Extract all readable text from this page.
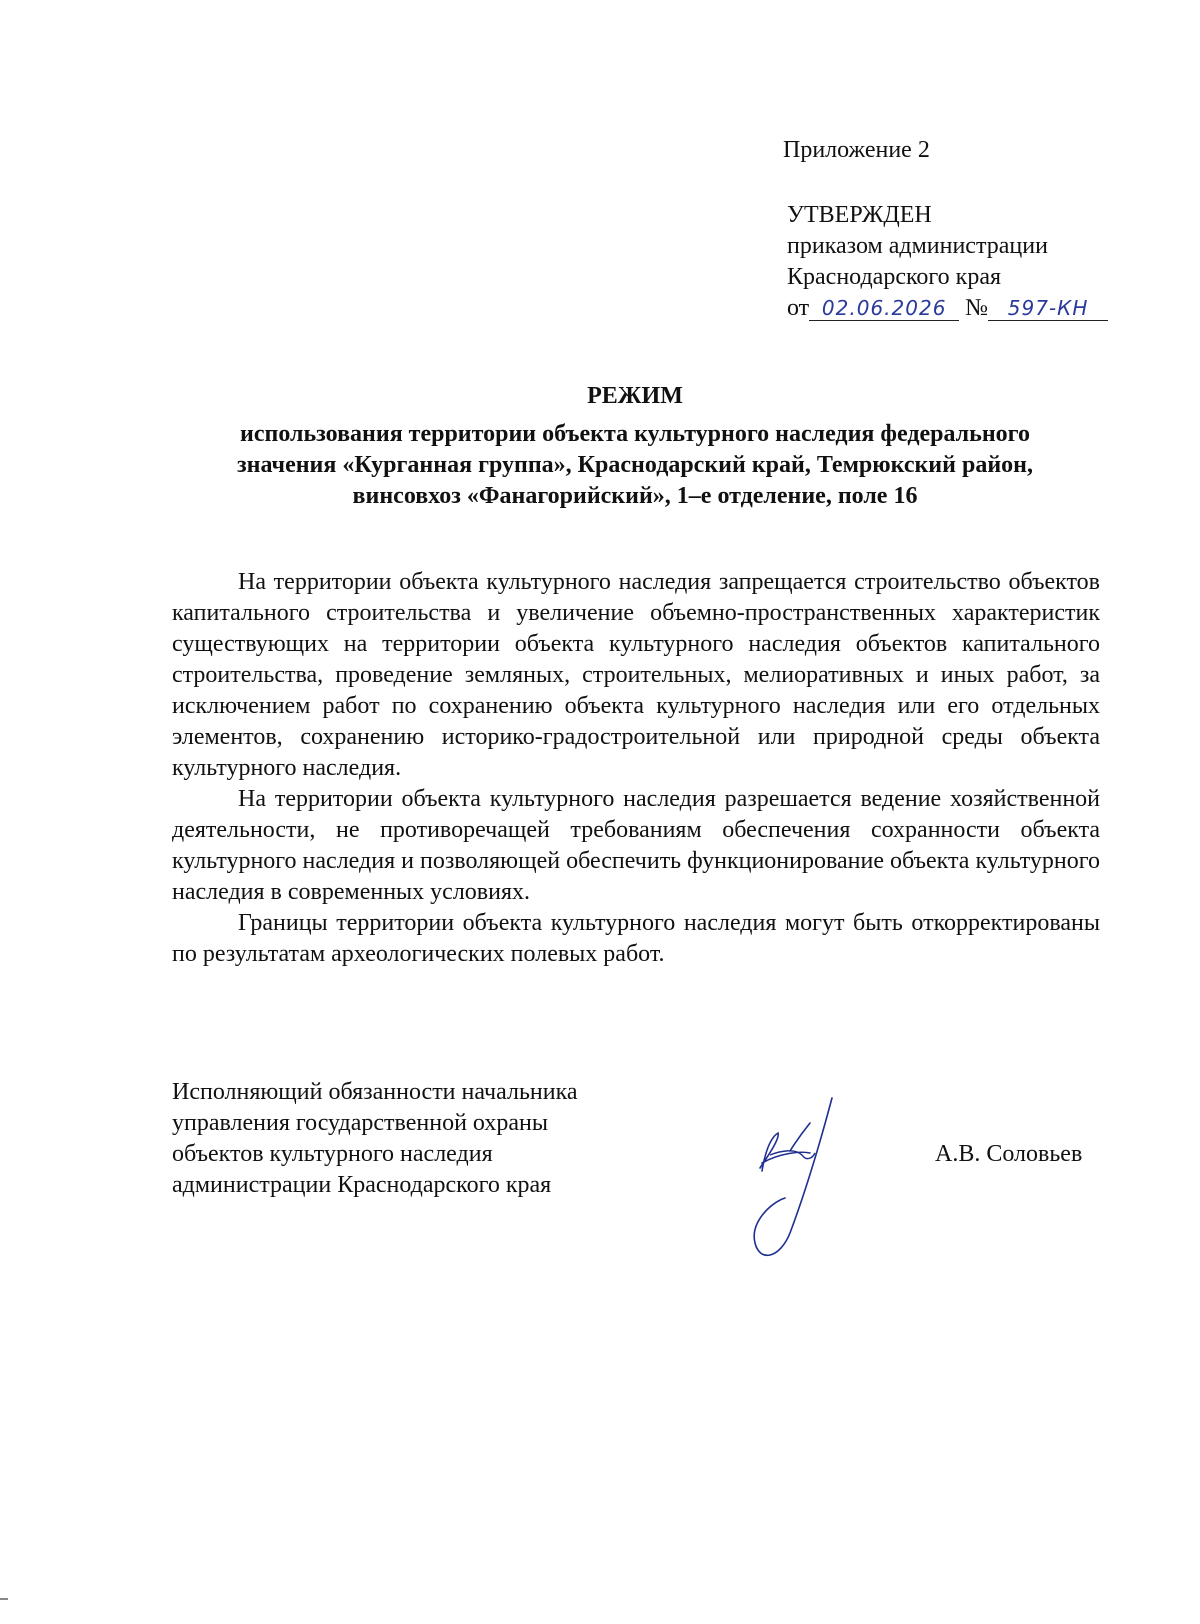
Приложение 2
УТВЕРЖДЕН
приказом администрации
Краснодарского края
от 02.06.2026 № 597-КН
РЕЖИМ
использования территории объекта культурного наследия федерального
значения «Курганная группа», Краснодарский край, Темрюкский район,
винсовхоз «Фанагорийский», 1–е отделение, поле 16

На территории объекта культурного наследия запрещается строительство объектов капитального строительства и увеличение объемно-пространственных характеристик существующих на территории объекта культурного наследия объектов капитального строительства, проведение земляных, строительных, мелиоративных и иных работ, за исключением работ по сохранению объекта культурного наследия или его отдельных элементов, сохранению историко-градостроительной или природной среды объекта культурного наследия.

На территории объекта культурного наследия разрешается ведение хозяйственной деятельности, не противоречащей требованиям обеспечения сохранности объекта культурного наследия и позволяющей обеспечить функционирование объекта культурного наследия в современных условиях.

Границы территории объекта культурного наследия могут быть откорректированы по результатам археологических полевых работ.

Исполняющий обязанности начальника
управления государственной охраны
объектов культурного наследия
администрации Краснодарского края
А.В. Соловьев
